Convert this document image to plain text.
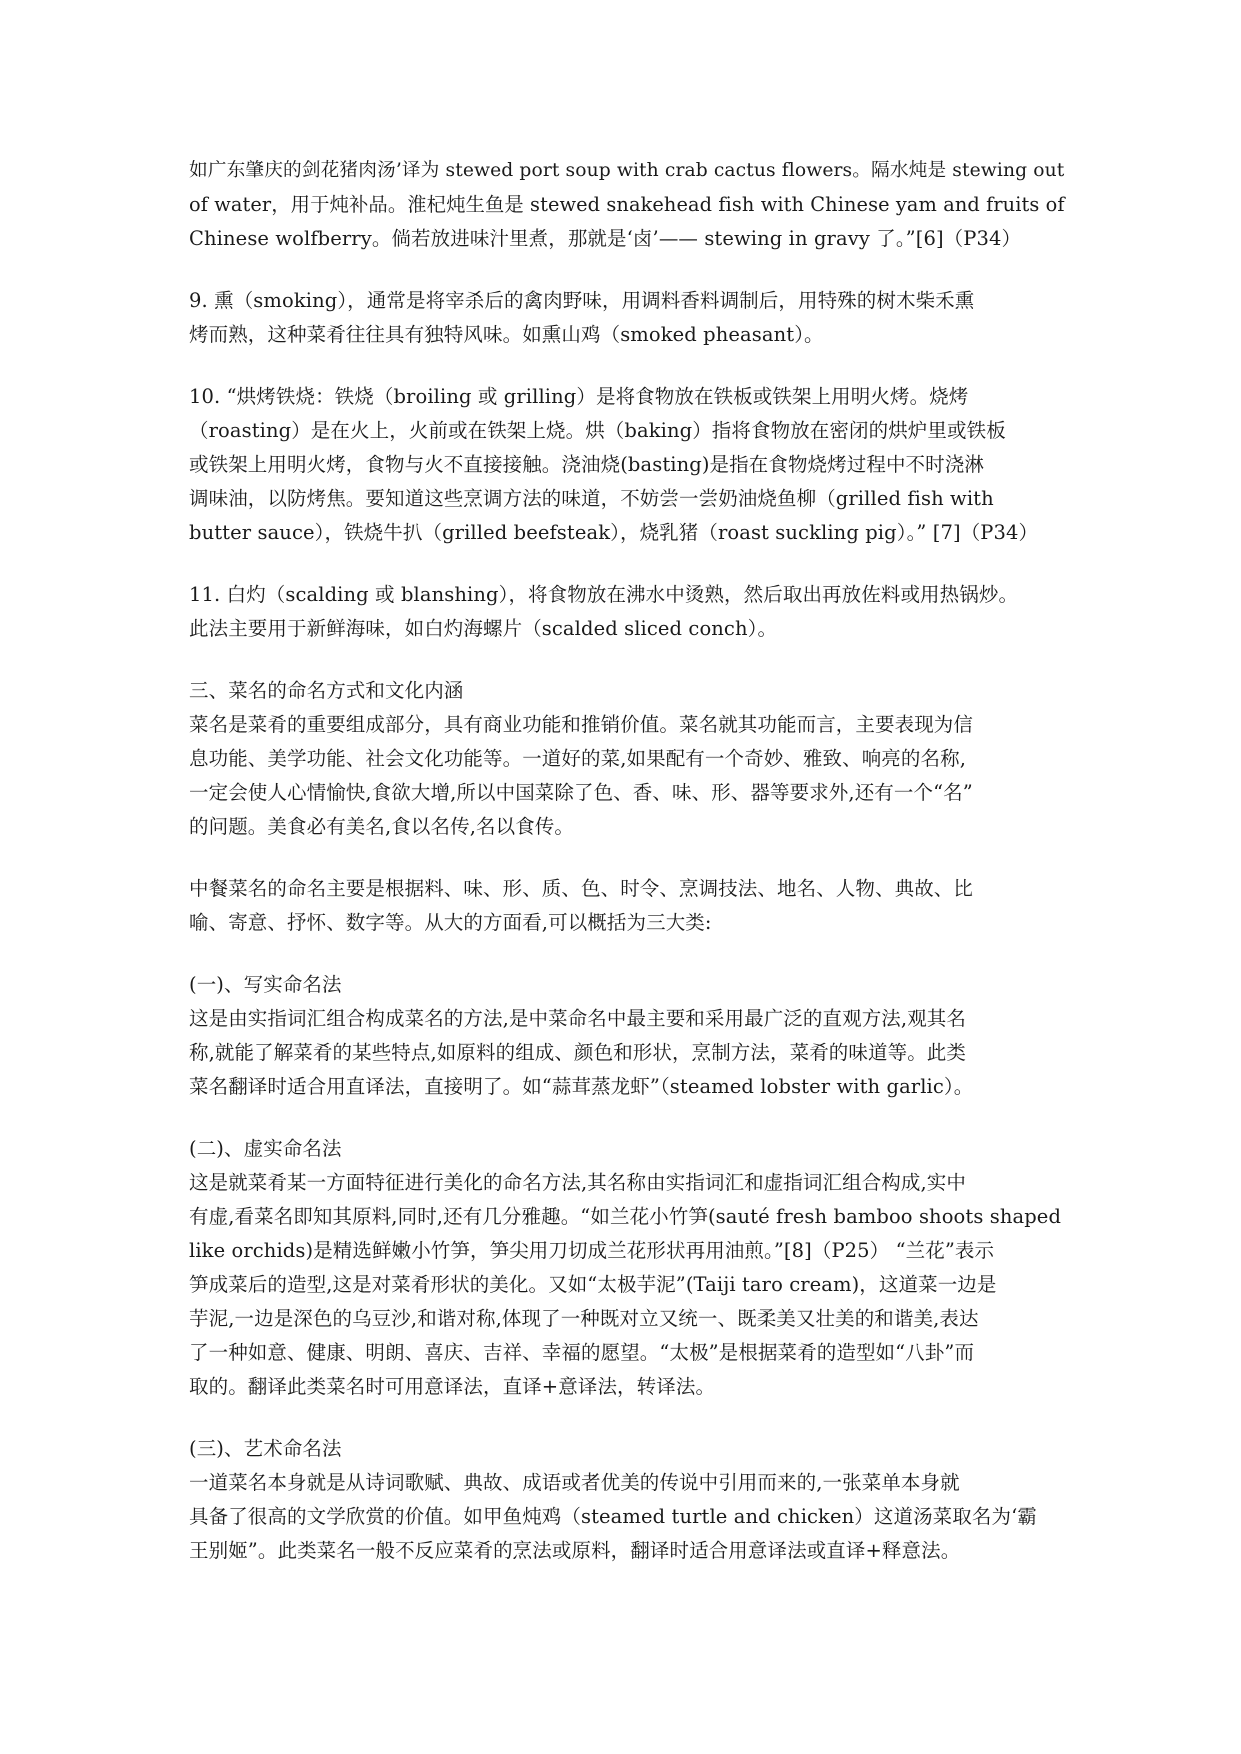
如广东肇庆的剑花猪肉汤’译为 stewed port soup with crab cactus flowers。隔水炖是 stewing out
of water，用于炖补品。淮杞炖生鱼是 stewed snakehead fish with Chinese yam and fruits of
Chinese wolfberry。倘若放进味汁里煮，那就是‘卤’—— stewing in gravy 了。”[6]（P34）

9. 熏（smoking），通常是将宰杀后的禽肉野味，用调料香料调制后，用特殊的树木柴禾熏
烤而熟，这种菜肴往往具有独特风味。如熏山鸡（smoked pheasant）。

10. “烘烤铁烧：铁烧（broiling 或 grilling）是将食物放在铁板或铁架上用明火烤。烧烤
（roasting）是在火上，火前或在铁架上烧。烘（baking）指将食物放在密闭的烘炉里或铁板
或铁架上用明火烤，食物与火不直接接触。浇油烧(basting)是指在食物烧烤过程中不时浇淋
调味油，以防烤焦。要知道这些烹调方法的味道，不妨尝一尝奶油烧鱼柳（grilled fish with
butter sauce），铁烧牛扒（grilled beefsteak），烧乳猪（roast suckling pig）。” [7]（P34）

11. 白灼（scalding 或 blanshing），将食物放在沸水中烫熟，然后取出再放佐料或用热锅炒。
此法主要用于新鲜海味，如白灼海螺片（scalded sliced conch）。

三、菜名的命名方式和文化内涵
菜名是菜肴的重要组成部分，具有商业功能和推销价值。菜名就其功能而言，主要表现为信
息功能、美学功能、社会文化功能等。一道好的菜,如果配有一个奇妙、雅致、响亮的名称,
一定会使人心情愉快,食欲大增,所以中国菜除了色、香、味、形、器等要求外,还有一个“名”
的问题。美食必有美名,食以名传,名以食传。

中餐菜名的命名主要是根据料、味、形、质、色、时令、烹调技法、地名、人物、典故、比
喻、寄意、抒怀、数字等。从大的方面看,可以概括为三大类:

(一)、写实命名法
这是由实指词汇组合构成菜名的方法,是中菜命名中最主要和采用最广泛的直观方法,观其名
称,就能了解菜肴的某些特点,如原料的组成、颜色和形状，烹制方法，菜肴的味道等。此类
菜名翻译时适合用直译法，直接明了。如“蒜茸蒸龙虾”（steamed lobster with garlic）。

(二)、虚实命名法
这是就菜肴某一方面特征进行美化的命名方法,其名称由实指词汇和虚指词汇组合构成,实中
有虚,看菜名即知其原料,同时,还有几分雅趣。“如兰花小竹笋(sauté fresh bamboo shoots shaped
like orchids)是精选鲜嫩小竹笋，笋尖用刀切成兰花形状再用油煎。”[8]（P25） “兰花”表示
笋成菜后的造型,这是对菜肴形状的美化。又如“太极芋泥”(Taiji taro cream)，这道菜一边是
芋泥,一边是深色的乌豆沙,和谐对称,体现了一种既对立又统一、既柔美又壮美的和谐美,表达
了一种如意、健康、明朗、喜庆、吉祥、幸福的愿望。“太极”是根据菜肴的造型如“八卦”而
取的。翻译此类菜名时可用意译法，直译+意译法，转译法。

(三)、艺术命名法
一道菜名本身就是从诗词歌赋、典故、成语或者优美的传说中引用而来的,一张菜单本身就
具备了很高的文学欣赏的价值。如甲鱼炖鸡（steamed turtle and chicken）这道汤菜取名为‘霸
王别姬”。此类菜名一般不反应菜肴的烹法或原料，翻译时适合用意译法或直译+释意法。
